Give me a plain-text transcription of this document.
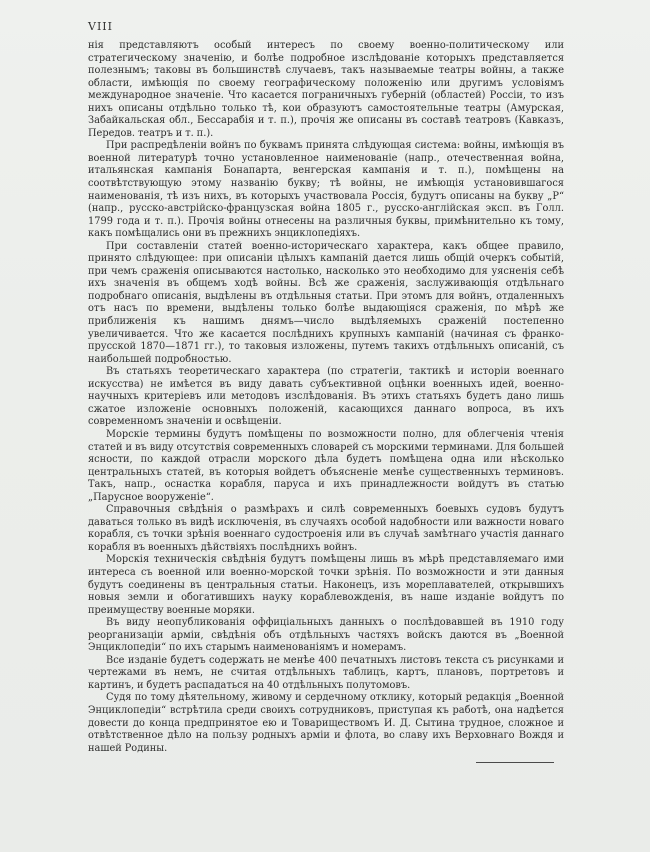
VIII

нія представляютъ особый интересъ по своему военно-политическому или стратегическому значенію, и болѣе подробное изслѣдованіе которыхъ представляется полезнымъ; таковы въ большинствѣ случаевъ, такъ называемые театры войны, а также области, имѣющія по своему географическому положенію или другимъ условіямъ международное значеніе. Что касается пограничныхъ губерній (областей) Россіи, то изъ нихъ описаны отдѣльно только тѣ, кои образуютъ самостоятельные театры (Амурская, Забайкальская обл., Бессарабія и т. п.), прочія же описаны въ составѣ театровъ (Кавказъ, Передов. театръ и т. п.).

При распредѣленіи войнъ по буквамъ принята слѣдующая система: войны, имѣющія въ военной литературѣ точно установленное наименованіе (напр., отечественная война, итальянская кампанія Бонапарта, венгерская кампанія и т. п.), помѣщены на соотвѣтствующую этому названію букву; тѣ войны, не имѣющія установившагося наименованія, тѣ изъ нихъ, въ которыхъ участвовала Россія, будутъ описаны на букву „Р“ (напр., русско-австрійско-французская война 1805 г., русско-англійская эксп. въ Голл. 1799 года и т. п.). Прочія войны отнесены на различныя буквы, примѣнительно къ тому, какъ помѣщались они въ прежнихъ энциклопедіяхъ.

При составленіи статей военно-историческаго характера, какъ общее правило, принято слѣдующее: при описаніи цѣлыхъ кампаній дается лишь общій очеркъ событій, при чемъ сраженія описываются настолько, насколько это необходимо для уясненія себѣ ихъ значенія въ общемъ ходѣ войны. Всѣ же сраженія, заслуживающія отдѣльнаго подробнаго описанія, выдѣлены въ отдѣльныя статьи. При этомъ для войнъ, отдаленныхъ отъ насъ по времени, выдѣлены только болѣе выдающіяся сраженія, по мѣрѣ же приближенія къ нашимъ днямъ—число выдѣляемыхъ сраженій постепенно увеличивается. Что же касается послѣднихъ крупныхъ кампаній (начиная съ франко-прусской 1870—1871 гг.), то таковыя изложены, путемъ такихъ отдѣльныхъ описаній, съ наибольшей подробностью.

Въ статьяхъ теоретическаго характера (по стратегіи, тактикѣ и исторіи военнаго искусства) не имѣется въ виду давать субъективной оцѣнки военныхъ идей, военно-научныхъ критеріевъ или методовъ изслѣдованія. Въ этихъ статьяхъ будетъ дано лишь сжатое изложеніе основныхъ положеній, касающихся даннаго вопроса, въ ихъ современномъ значеніи и освѣщеніи.

Морскіе термины будутъ помѣщены по возможности полно, для облегченія чтенія статей и въ виду отсутствія современныхъ словарей съ морскими терминами. Для большей ясности, по каждой отрасли морского дѣла будетъ помѣщена одна или нѣсколько центральныхъ статей, въ которыя войдетъ объясненіе менѣе существенныхъ терминовъ. Такъ, напр., оснастка корабля, паруса и ихъ принадлежности войдутъ въ статью „Парусное вооруженіе“.

Справочныя свѣдѣнія о размѣрахъ и силѣ современныхъ боевыхъ судовъ будутъ даваться только въ видѣ исключенія, въ случаяхъ особой надобности или важности новаго корабля, съ точки зрѣнія военнаго судостроенія или въ случаѣ замѣтнаго участія даннаго корабля въ военныхъ дѣйствіяхъ послѣднихъ войнъ.

Морскія техническія свѣдѣнія будутъ помѣщены лишь въ мѣрѣ представляемаго ими интереса съ военной или военно-морской точки зрѣнія. По возможности и эти данныя будутъ соединены въ центральныя статьи. Наконецъ, изъ мореплавателей, открывшихъ новыя земли и обогатившихъ науку кораблевожденія, въ наше изданіе войдутъ по преимуществу военные моряки.

Въ виду неопубликованія оффиціальныхъ данныхъ о послѣдовавшей въ 1910 году реорганизаціи арміи, свѣдѣнія объ отдѣльныхъ частяхъ войскъ даются въ „Военной Энциклопедіи“ по ихъ старымъ наименованіямъ и номерамъ.

Все изданіе будетъ содержать не менѣе 400 печатныхъ листовъ текста съ рисунками и чертежами въ немъ, не считая отдѣльныхъ таблицъ, картъ, плановъ, портретовъ и картинъ, и будетъ распадаться на 40 отдѣльныхъ полутомовъ.

Судя по тому дѣятельному, живому и сердечному отклику, который редакція „Военной Энциклопедіи“ встрѣтила среди своихъ сотрудниковъ, приступая къ работѣ, она надѣется довести до конца предпринятое ею и Товариществомъ И. Д. Сытина трудное, сложное и отвѣтственное дѣло на пользу родныхъ арміи и флота, во славу ихъ Верховнаго Вождя и нашей Родины.
